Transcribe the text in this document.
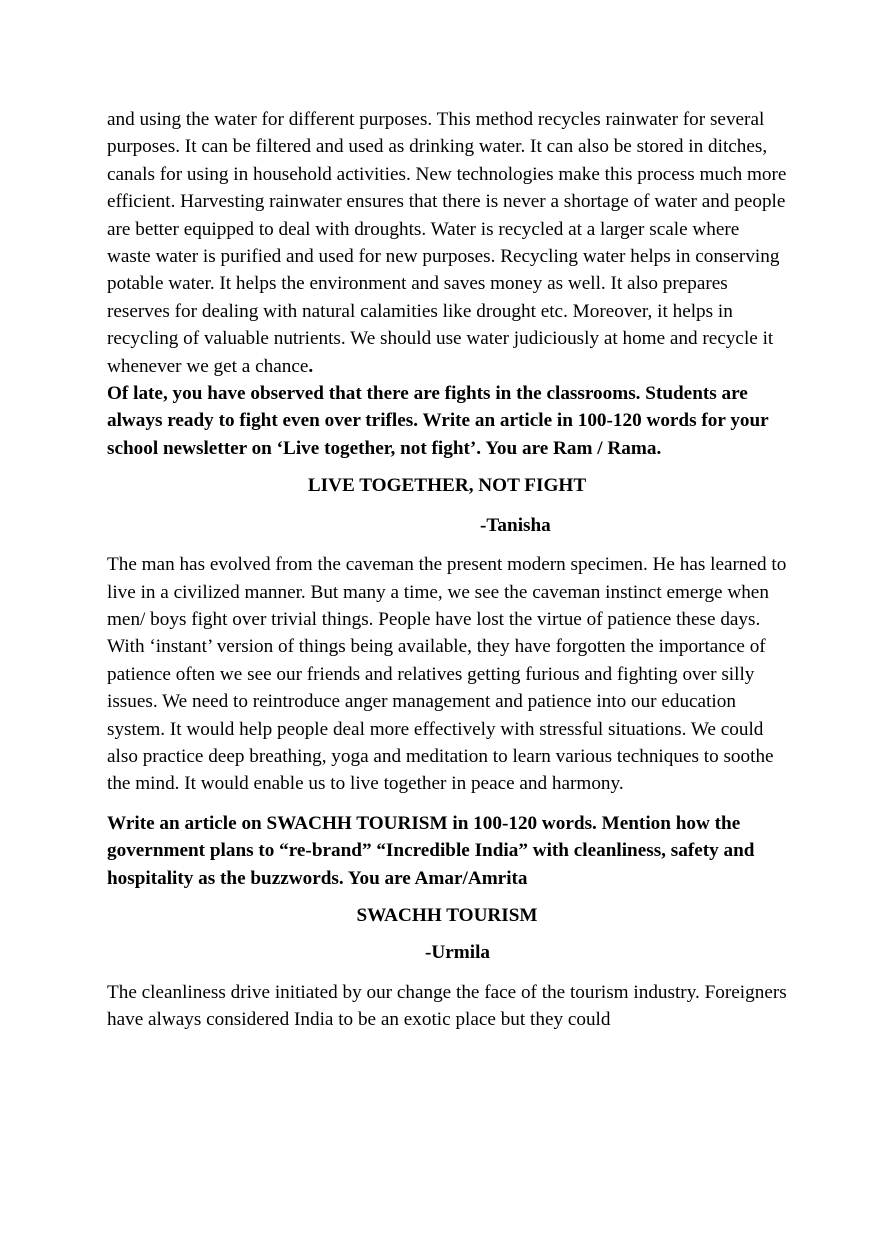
and using the water for different purposes. This method recycles rainwater for several purposes. It can be filtered and used as drinking water. It can also be stored in ditches, canals for using in household activities. New technologies make this process much more efficient. Harvesting rainwater ensures that there is never a shortage of water and people are better equipped to deal with droughts. Water is recycled at a larger scale where waste water is purified and used for new purposes. Recycling water helps in conserving potable water. It helps the environment and saves money as well. It also prepares reserves for dealing with natural calamities like drought etc. Moreover, it helps in recycling of valuable nutrients. We should use water judiciously at home and recycle it whenever we get a chance.

Of late, you have observed that there are fights in the classrooms. Students are always ready to fight even over trifles. Write an article in 100-120 words for your school newsletter on ‘Live together, not fight’. You are Ram / Rama.

LIVE TOGETHER, NOT FIGHT

-Tanisha

The man has evolved from the caveman the present modern specimen. He has learned to live in a civilized manner. But many a time, we see the caveman instinct emerge when men/ boys fight over trivial things. People have lost the virtue of patience these days. With ‘instant’ version of things being available, they have forgotten the importance of patience often we see our friends and relatives getting furious and fighting over silly issues. We need to reintroduce anger management and patience into our education system. It would help people deal more effectively with stressful situations. We could also practice deep breathing, yoga and meditation to learn various techniques to soothe the mind. It would enable us to live together in peace and harmony.

Write an article on SWACHH TOURISM in 100-120 words. Mention how the government plans to “re-brand” “Incredible India” with cleanliness, safety and hospitality as the buzzwords. You are Amar/Amrita

SWACHH TOURISM

-Urmila

The cleanliness drive initiated by our change the face of the tourism industry. Foreigners have always considered India to be an exotic place but they could
